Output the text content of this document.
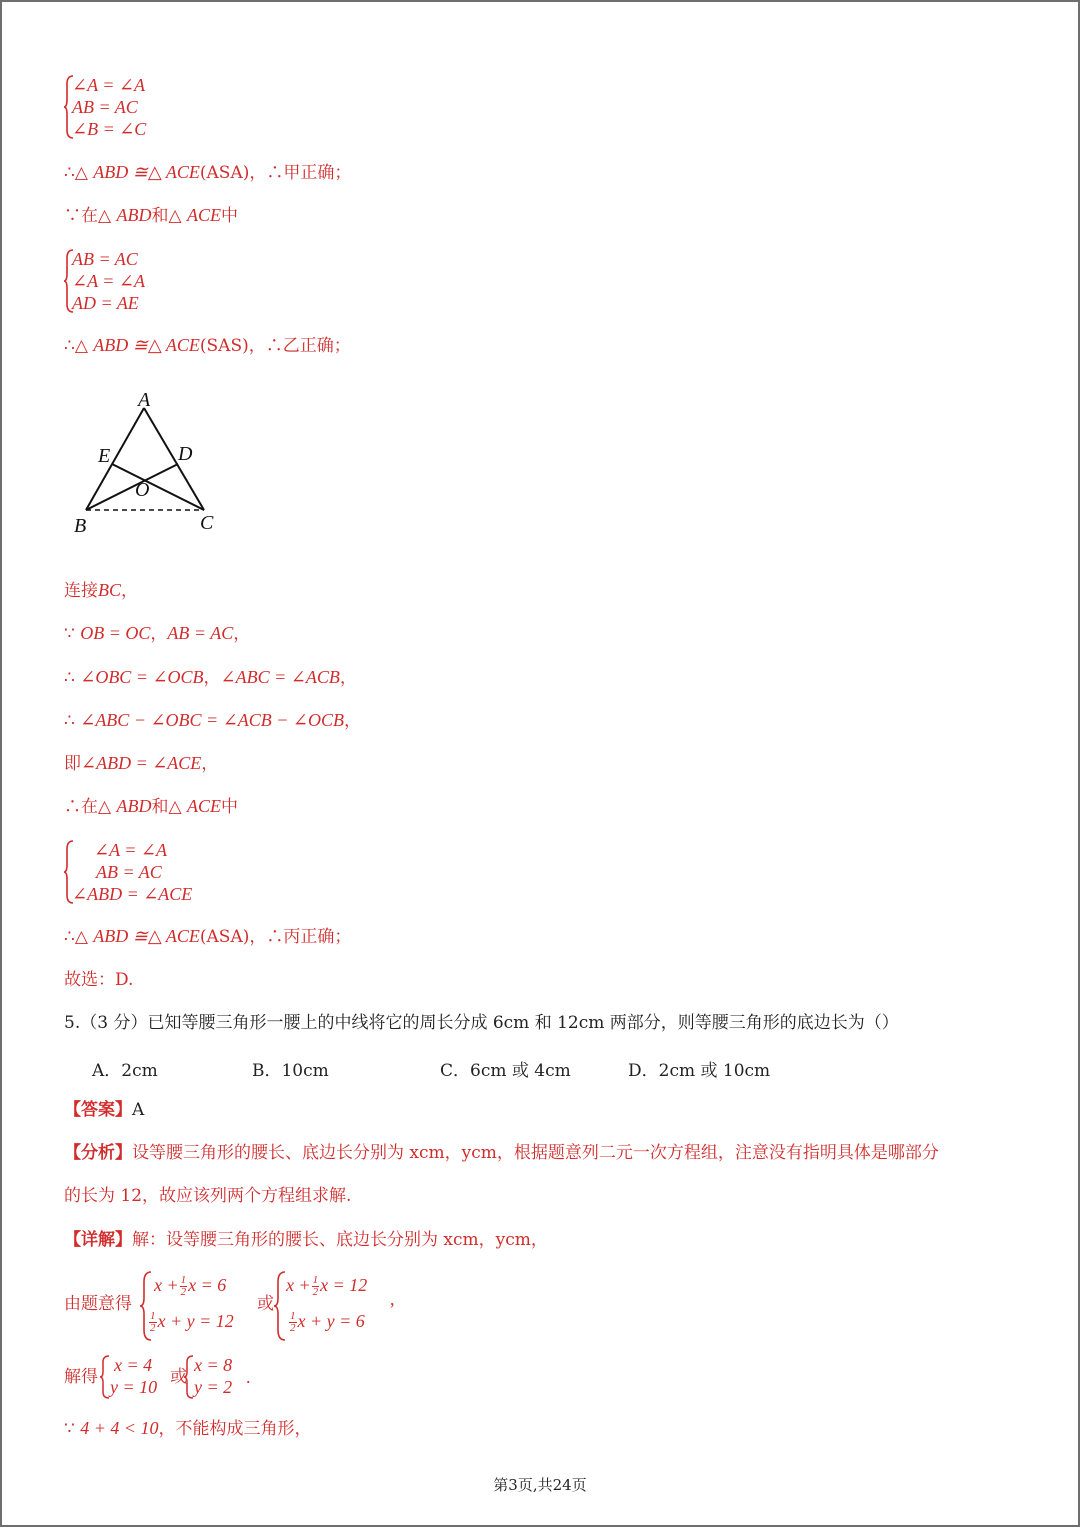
∠A = ∠A
AB = AC
∠B = ∠C
∴△ ABD ≅△ ACE(ASA)，∴甲正确；
∵在△ ABD和△ ACE中
AB = AC
∠A = ∠A
AD = AE
∴△ ABD ≅△ ACE(SAS)，∴乙正确；
A
E	D
O
B	C
连接BC，
∵ OB = OC，AB = AC，
∴ ∠OBC = ∠OCB，∠ABC = ∠ACB，
∴ ∠ABC − ∠OBC = ∠ACB − ∠OCB，
即∠ABD = ∠ACE，
∴在△ ABD和△ ACE中
∠A = ∠A
AB = AC
∠ABD = ∠ACE
∴△ ABD ≅△ ACE(ASA)，∴丙正确；
故选：D.
5.（3 分）已知等腰三角形一腰上的中线将它的周长分成 6cm 和 12cm 两部分，则等腰三角形的底边长为（）
A．2cm	B．10cm	C．6cm 或 4cm	D．2cm 或 10cm
【答案】A
【分析】设等腰三角形的腰长、底边长分别为 xcm，ycm，根据题意列二元一次方程组，注意没有指明具体是哪部分
的长为 12，故应该列两个方程组求解.
【详解】解：设等腰三角形的腰长、底边长分别为 xcm，ycm，
由题意得
$x + \frac{1}{2}$ x = 6
$\frac{1}{2}$ x + y = 12
或
$x + \frac{1}{2}$ x = 12
$\frac{1}{2}$ x + y = 6
,
解得
x = 4
y = 10 或
x = 8
y = 2 .
∵ 4 + 4 < 10，不能构成三角形，
第3页,共24页
